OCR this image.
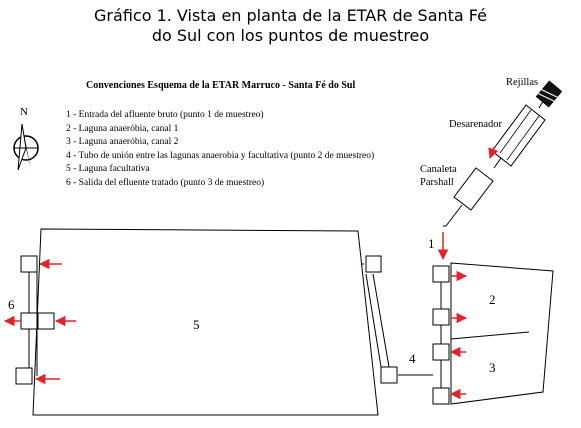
Gráfico 1. Vista en planta de la ETAR de Santa Fé
do Sul con los puntos de muestreo
Convenciones Esquema de la ETAR Marruco - Santa Fé do Sul
1 - Entrada del afluente bruto (punto 1 de muestreo)
2 - Laguna anaeróbia, canal 1
3 - Laguna anaeróbia, canal 2
4 - Tubo de unión entre las lagunas anaerobia y facultativa (punto 2 de muestreo)
5 - Laguna facultativa
6 - Salida del efluente tratado (punto 3 de muestreo)
Rejillas
Desarenador
Canaleta
Parshall
N
1
2
3
4
5
6
